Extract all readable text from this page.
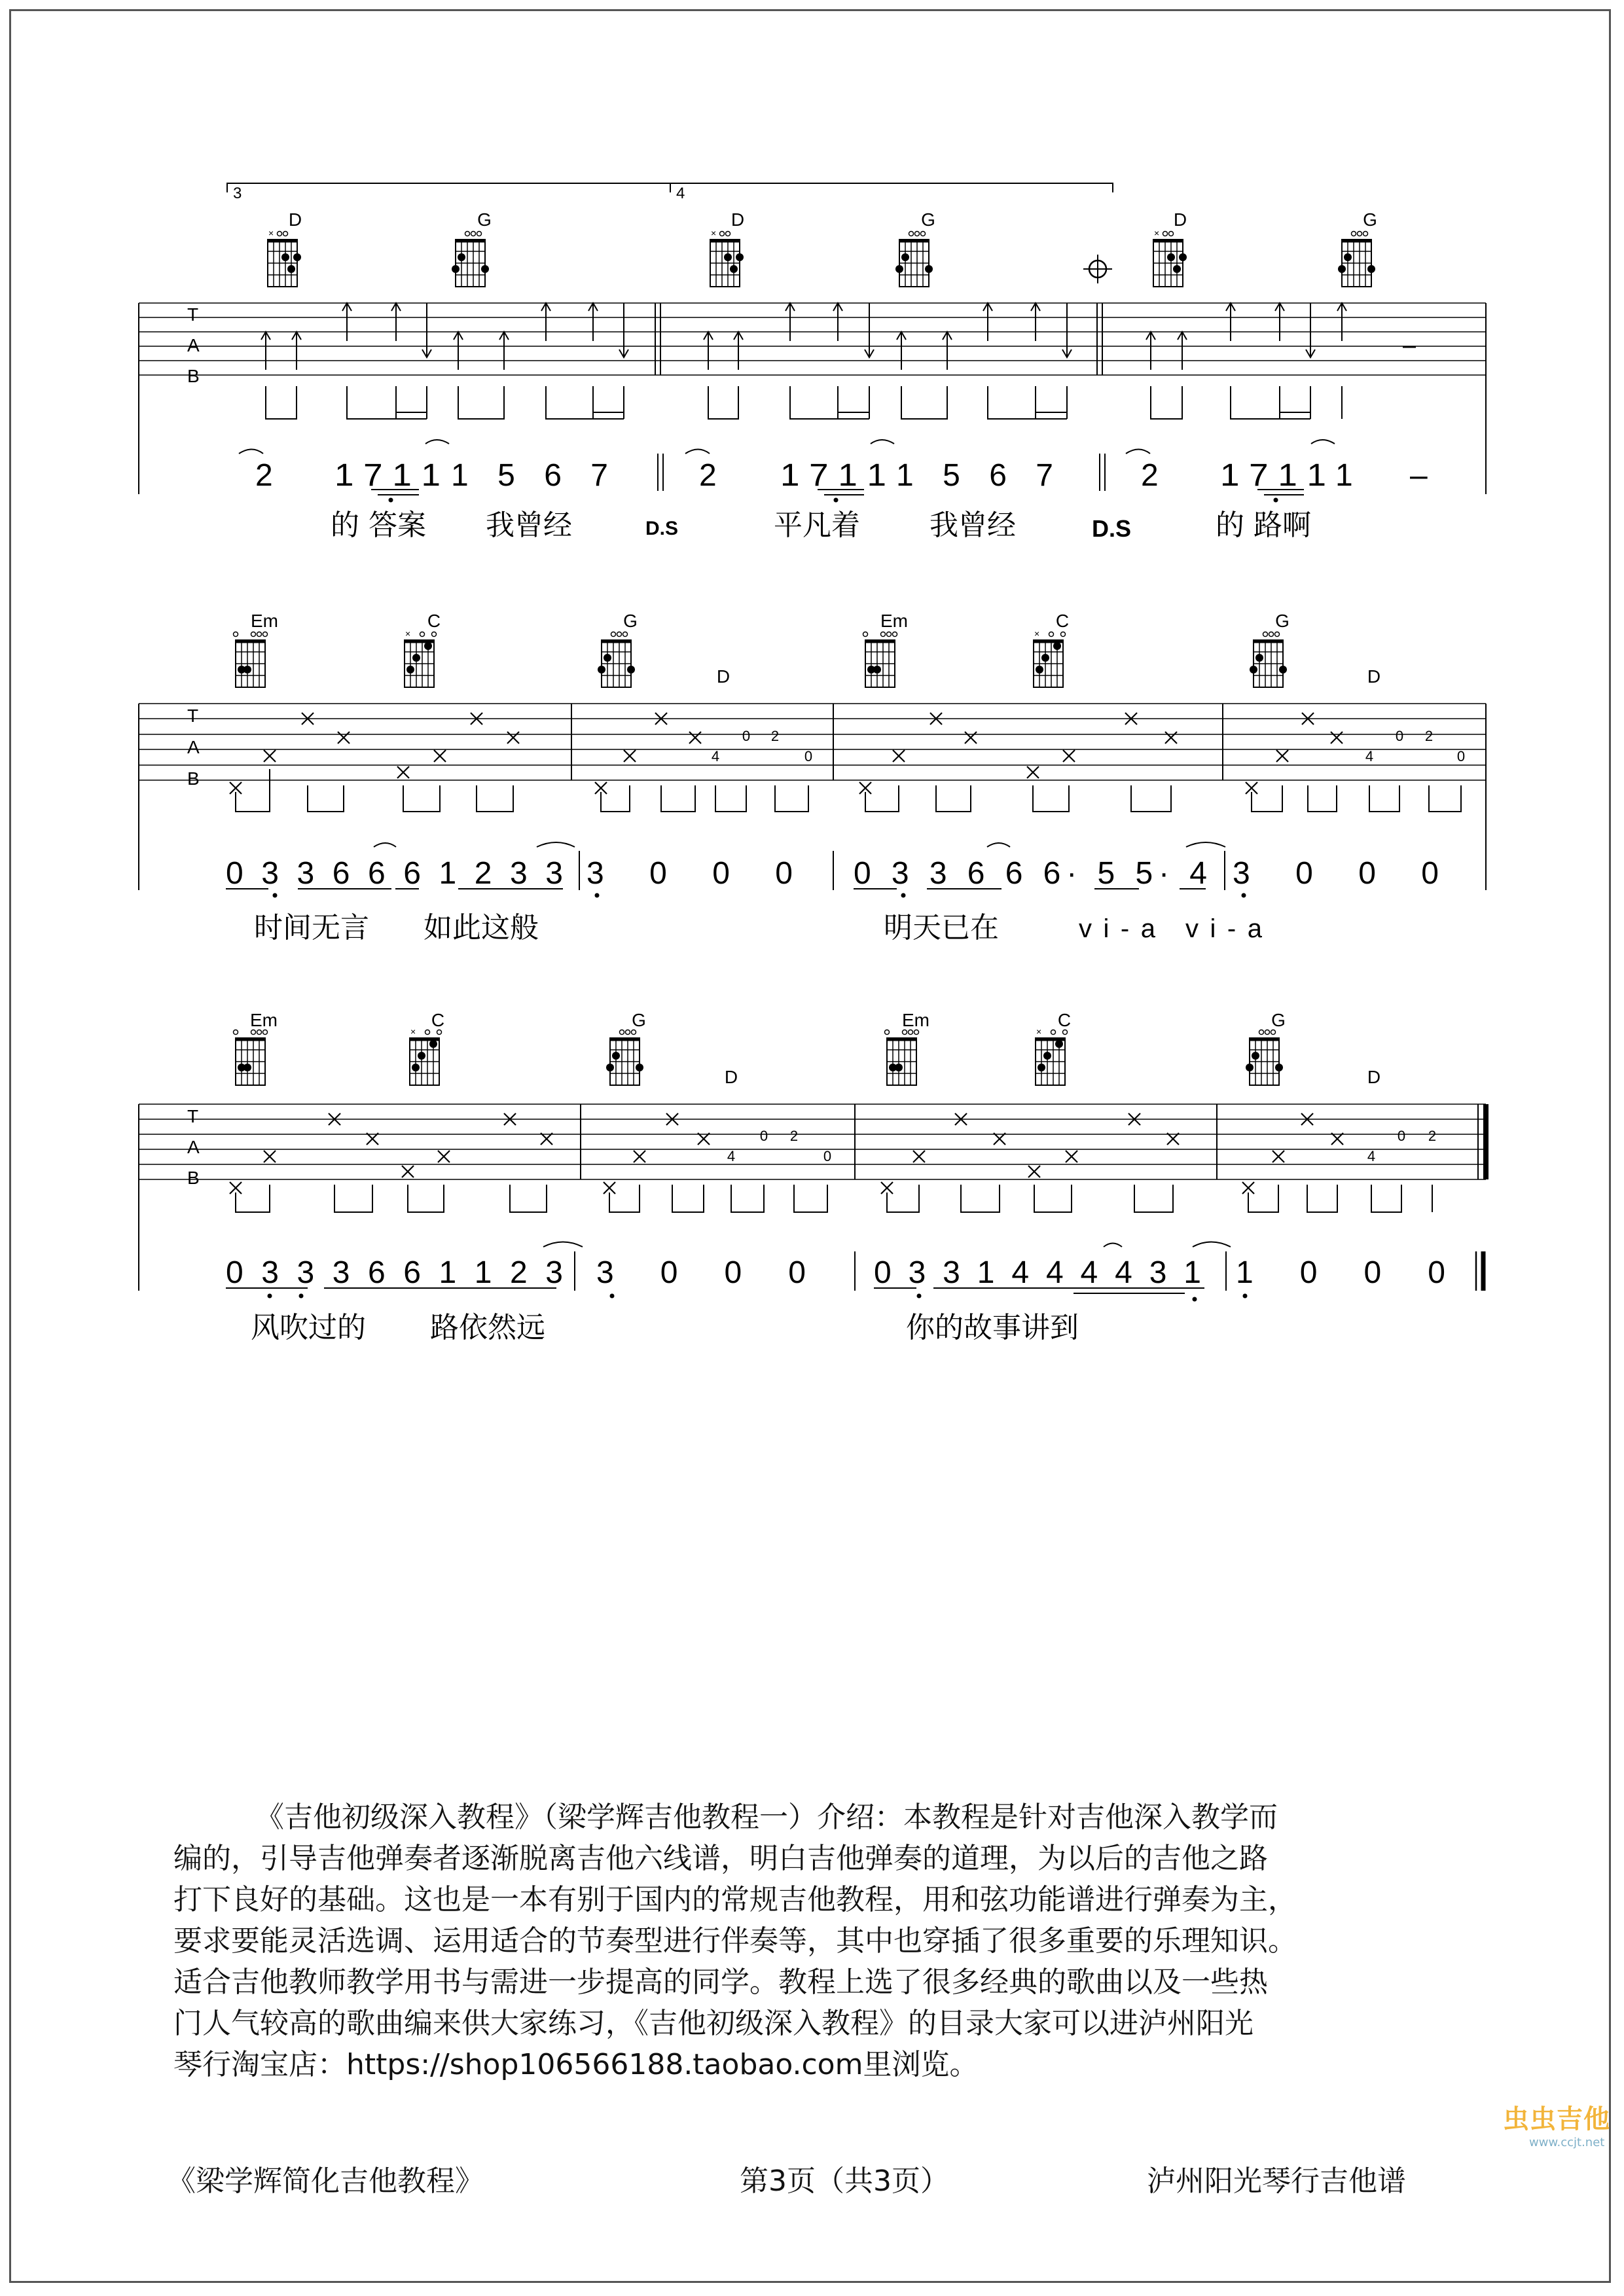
3	4
D	G	D	G	D	G
T
A
B
2 1 7 1 1 1 5 6 7	2 1 7 1 1 1 5 6 7	2 1 7 1 1 1 –
的 答案 我曾经	D.S	平凡着 我曾经	D.S	的 路啊
Em	C	G
D
Em	C	G
D
T
A
B
4
0 2
0	4
0 2
0
0 3 3 6 6 6 1 2 3 3 3  0  0  0 0 3 3 6 6 6· 5 5· 4 3  0  0  0
时间无言 如此这般	明天已在	vi-a vi-a
Em	C	G
D
Em	C	G
D
T
A
B
4
0 2
0	4
0 2
0 3 3 3 6 6 1 1 2 3 3  0  0  0 0 3 3 1 4 4 4 4 3 1 1  0  0  0
风吹过的 路依然远	你的故事讲到
《吉他初级深入教程》（梁学辉吉他教程一）介绍：本教程是针对吉他深入教学而
编的，引导吉他弹奏者逐渐脱离吉他六线谱，明白吉他弹奏的道理，为以后的吉他之路
打下良好的基础。这也是一本有别于国内的常规吉他教程，用和弦功能谱进行弹奏为主，
要求要能灵活选调、运用适合的节奏型进行伴奏等，其中也穿插了很多重要的乐理知识。
适合吉他教师教学用书与需进一步提高的同学。教程上选了很多经典的歌曲以及一些热
门人气较高的歌曲编来供大家练习，《吉他初级深入教程》的目录大家可以进泸州阳光
琴行淘宝店：https://shop106566188.taobao.com里浏览。
《梁学辉简化吉他教程》	第3页（共3页）	泸州阳光琴行吉他谱
虫虫吉他
www.ccjt.net
